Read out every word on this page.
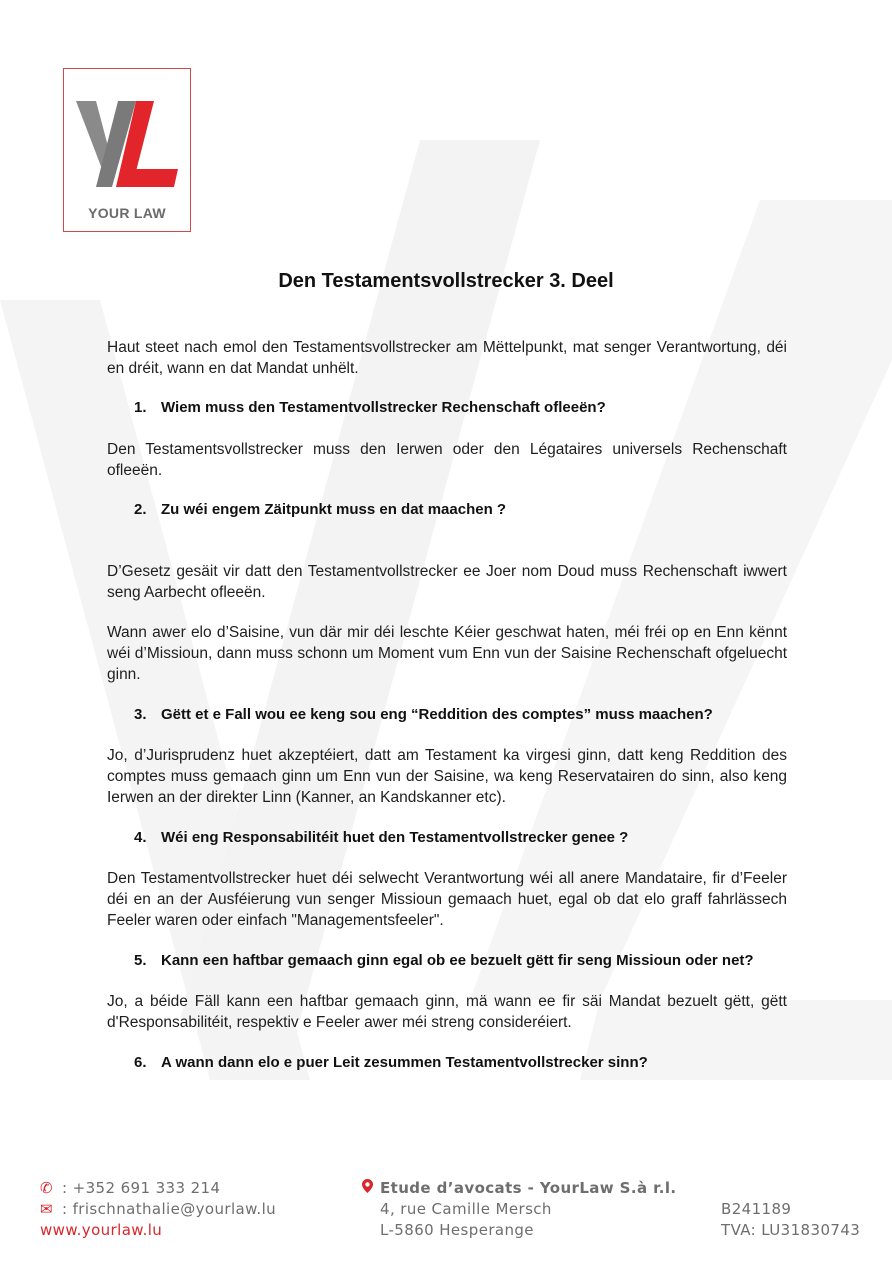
YOUR LAW
Den Testamentsvollstrecker 3. Deel

Haut steet nach emol den Testamentsvollstrecker am Mëttelpunkt, mat senger Verantwortung, déi en dréit, wann en dat Mandat unhëlt.

1. Wiem muss den Testamentvollstrecker Rechenschaft ofleeën?

Den Testamentsvollstrecker muss den Ierwen oder den Légataires universels Rechenschaft ofleeën.

2. Zu wéi engem Zäitpunkt muss en dat maachen ?

D’Gesetz gesäit vir datt den Testamentvollstrecker ee Joer nom Doud muss Rechenschaft iwwert seng Aarbecht ofleeën.

Wann awer elo d’Saisine, vun där mir déi leschte Kéier geschwat haten, méi fréi op en Enn kënnt wéi d’Missioun, dann muss schonn um Moment vum Enn vun der Saisine Rechenschaft ofgeluecht ginn.

3. Gëtt et e Fall wou ee keng sou eng “Reddition des comptes” muss maachen?

Jo, d’Jurisprudenz huet akzeptéiert, datt am Testament ka virgesi ginn, datt keng Reddition des comptes muss gemaach ginn um Enn vun der Saisine, wa keng Reservatairen do sinn, also keng Ierwen an der direkter Linn (Kanner, an Kandskanner etc).

4. Wéi eng Responsabilitéit huet den Testamentvollstrecker genee ?

Den Testamentvollstrecker huet déi selwecht Verantwortung wéi all anere Mandataire, fir d’Feeler déi en an der Ausféierung vun senger Missioun gemaach huet, egal ob dat elo graff fahrlässech Feeler waren oder einfach "Managementsfeeler".

5. Kann een haftbar gemaach ginn egal ob ee bezuelt gëtt fir seng Missioun oder net?

Jo, a béide Fäll kann een haftbar gemaach ginn, mä wann ee fir säi Mandat bezuelt gëtt, gëtt d'Responsabilitéit, respektiv e Feeler awer méi streng consideréiert.

6. A wann dann elo e puer Leit zesummen Testamentvollstrecker sinn?
✆ : +352 691 333 214
✉ : frischnathalie@yourlaw.lu
www.yourlaw.lu
Etude d’avocats - YourLaw S.à r.l.
4, rue Camille Mersch
L-5860 Hesperange
B241189
TVA: LU31830743
